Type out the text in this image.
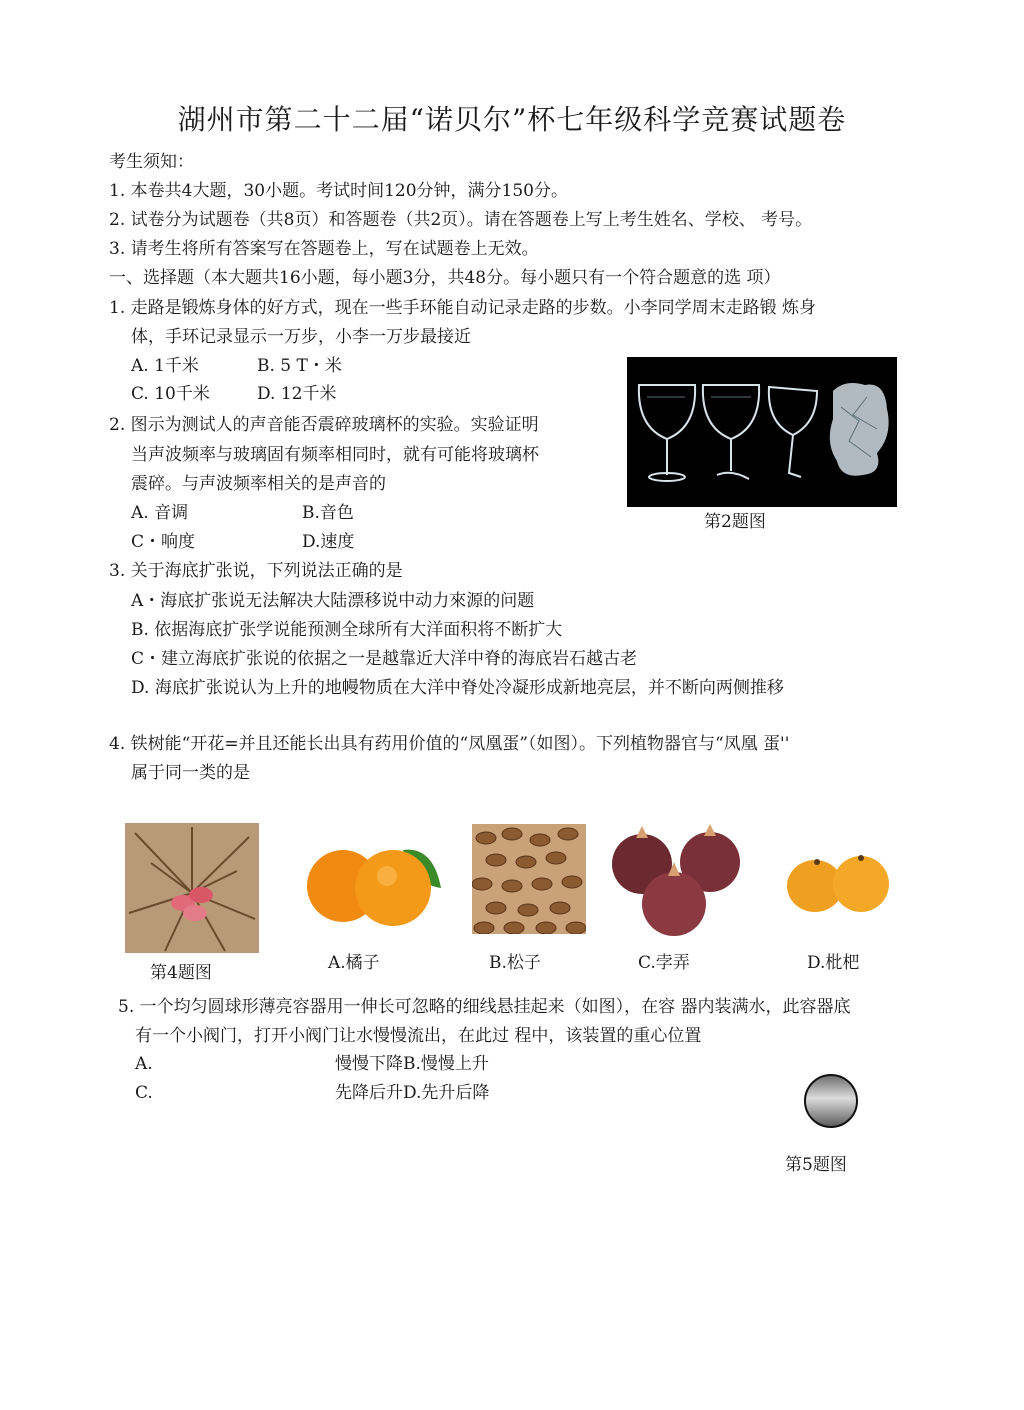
湖州市第二十二届“诺贝尔”杯七年级科学竞赛试题卷
考生须知：
1. 本卷共4大题，30小题。考试时间120分钟，满分150分。
2. 试卷分为试题卷（共8页）和答题卷（共2页）。请在答题卷上写上考生姓名、学校、 考号。
3. 请考生将所有答案写在答题卷上，写在试题卷上无效。
一、选择题（本大题共16小题，每小题3分，共48分。每小题只有一个符合题意的选 项）
1. 走路是锻炼身体的好方式，现在一些手环能自动记录走路的步数。小李同学周末走路锻 炼身
体，手环记录显示一万步，小李一万步最接近
A. 1千米	B. 5 T・米
C. 10千米	D. 12千米
第2题图
2. 图示为测试人的声音能否震碎玻璃杯的实验。实验证明
当声波频率与玻璃固有频率相同时，就有可能将玻璃杯
震碎。与声波频率相关的是声音的
A. 音调	B.音色
C・响度	D.速度
3. 关于海底扩张说，下列说法正确的是
A・海底扩张说无法解决大陆漂移说中动力來源的问题
B. 依据海底扩张学说能预测全球所有大洋面积将不断扩大
C・建立海底扩张说的依据之一是越靠近大洋中脊的海底岩石越古老
D. 海底扩张说认为上升的地幔物质在大洋中脊处冷凝形成新地亮层，并不断向两侧推移
4. 铁树能“开花=并且还能长出具有药用价值的“凤凰蛋”（如图）。下列植物器官与“凤凰 蛋''
属于同一类的是
第4题图	A.橘子	B.松子	C.孛弄	D.枇杷
5. 一个均匀圆球形薄亮容器用一伸长可忽略的细线悬挂起来（如图），在容 器内装满水，此容器底
有一个小阀门，打开小阀门让水慢慢流出，在此过 程中，该装置的重心位置
A.	慢慢下降B.慢慢上升
C.	先降后升D.先升后降
第5题图
